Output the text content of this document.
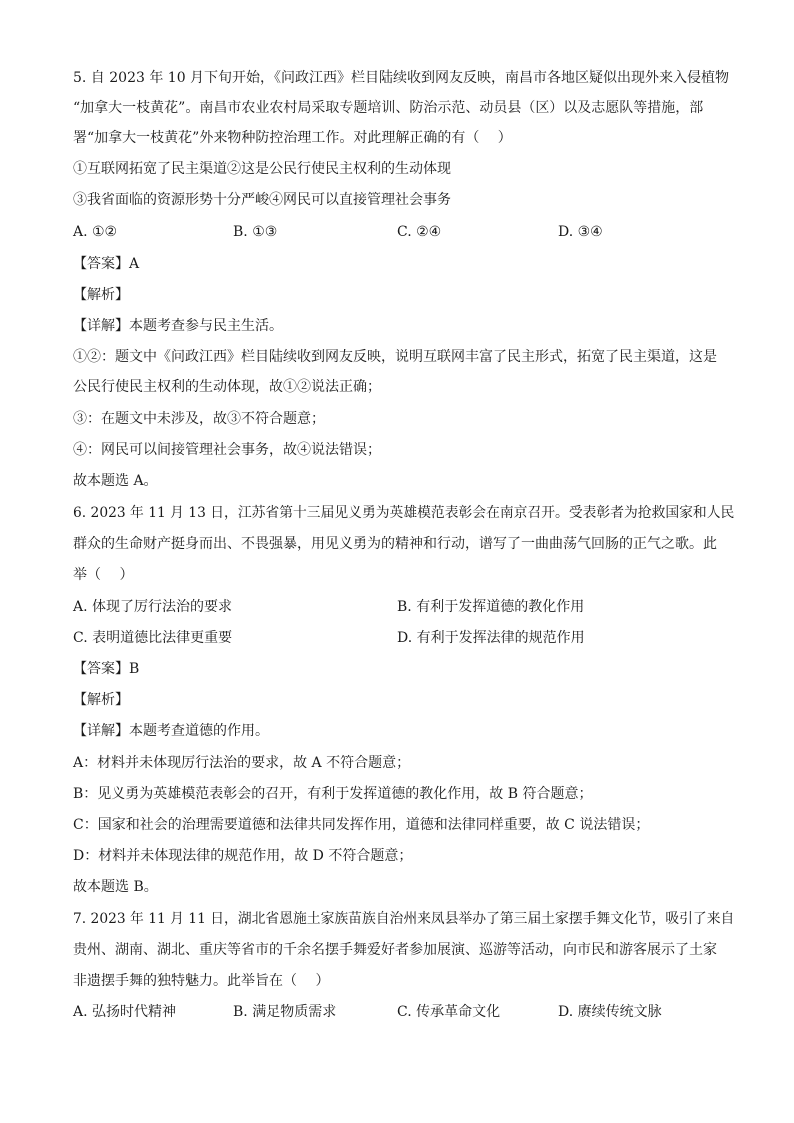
5. 自 2023 年 10 月下旬开始，《问政江西》栏目陆续收到网友反映，南昌市各地区疑似出现外来入侵植物
“加拿大一枝黄花”。南昌市农业农村局采取专题培训、防治示范、动员县（区）以及志愿队等措施，部
署“加拿大一枝黄花”外来物种防控治理工作。对此理解正确的有（　 ）
①互联网拓宽了民主渠道②这是公民行使民主权利的生动体现
③我省面临的资源形势十分严峻④网民可以直接管理社会事务
A. ①②	B. ①③	C. ②④	D. ③④
【答案】A
【解析】
【详解】本题考查参与民主生活。
①②：题文中《问政江西》栏目陆续收到网友反映，说明互联网丰富了民主形式，拓宽了民主渠道，这是
公民行使民主权利的生动体现，故①②说法正确；
③：在题文中未涉及，故③不符合题意；
④：网民可以间接管理社会事务，故④说法错误；
故本题选 A。
6. 2023 年 11 月 13 日，江苏省第十三届见义勇为英雄模范表彰会在南京召开。受表彰者为抢救国家和人民
群众的生命财产挺身而出、不畏强暴，用见义勇为的精神和行动，谱写了一曲曲荡气回肠的正气之歌。此
举（　 ）
A. 体现了厉行法治的要求	B. 有利于发挥道德的教化作用
C. 表明道德比法律更重要	D. 有利于发挥法律的规范作用
【答案】B
【解析】
【详解】本题考查道德的作用。
A：材料并未体现厉行法治的要求，故 A 不符合题意；
B：见义勇为英雄模范表彰会的召开，有利于发挥道德的教化作用，故 B 符合题意；
C：国家和社会的治理需要道德和法律共同发挥作用，道德和法律同样重要，故 C 说法错误；
D：材料并未体现法律的规范作用，故 D 不符合题意；
故本题选 B。
7. 2023 年 11 月 11 日，湖北省恩施土家族苗族自治州来凤县举办了第三届土家摆手舞文化节，吸引了来自
贵州、湖南、湖北、重庆等省市的千余名摆手舞爱好者参加展演、巡游等活动，向市民和游客展示了土家
非遗摆手舞的独特魅力。此举旨在（　 ）
A. 弘扬时代精神	B. 满足物质需求	C. 传承革命文化	D. 赓续传统文脉
